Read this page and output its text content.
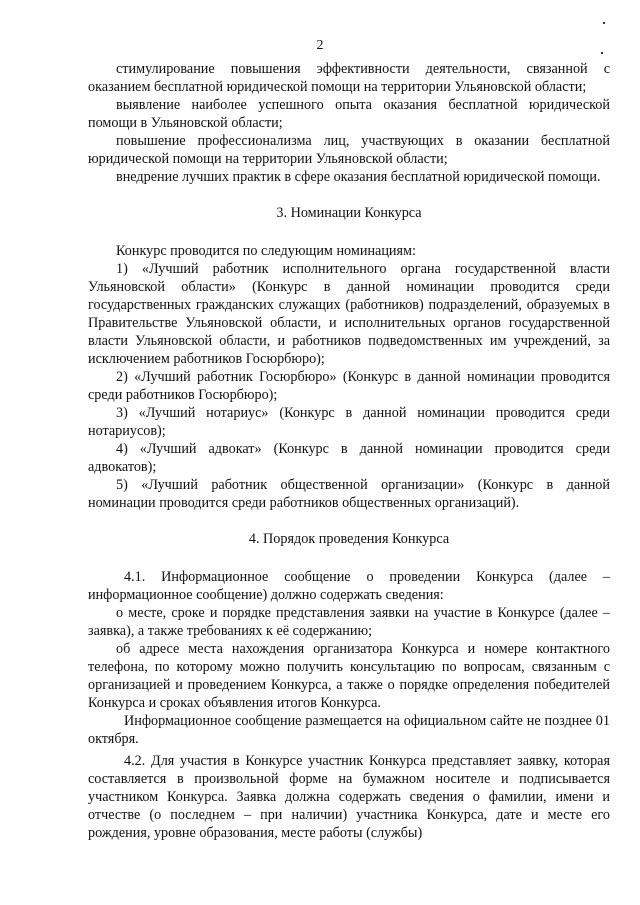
2

стимулирование повышения эффективности деятельности, связанной с оказанием бесплатной юридической помощи на территории Ульяновской области;

выявление наиболее успешного опыта оказания бесплатной юридической помощи в Ульяновской области;

повышение профессионализма лиц, участвующих в оказании бесплатной юридической помощи на территории Ульяновской области;

внедрение лучших практик в сфере оказания бесплатной юридической помощи.

3. Номинации Конкурса

Конкурс проводится по следующим номинациям:

1) «Лучший работник исполнительного органа государственной власти Ульяновской области» (Конкурс в данной номинации проводится среди государственных гражданских служащих (работников) подразделений, образуемых в Правительстве Ульяновской области, и исполнительных органов государственной власти Ульяновской области, и работников подведомственных им учреждений, за исключением работников Госюрбюро);

2) «Лучший работник Госюрбюро» (Конкурс в данной номинации проводится среди работников Госюрбюро);

3) «Лучший нотариус» (Конкурс в данной номинации проводится среди нотариусов);

4) «Лучший адвокат» (Конкурс в данной номинации проводится среди адвокатов);

5) «Лучший работник общественной организации» (Конкурс в данной номинации проводится среди работников общественных организаций).

4. Порядок проведения Конкурса

4.1. Информационное сообщение о проведении Конкурса (далее – информационное сообщение) должно содержать сведения:

о месте, сроке и порядке представления заявки на участие в Конкурсе (далее – заявка), а также требованиях к её содержанию;

об адресе места нахождения организатора Конкурса и номере контактного телефона, по которому можно получить консультацию по вопросам, связанным с организацией и проведением Конкурса, а также о порядке определения победителей Конкурса и сроках объявления итогов Конкурса.

Информационное сообщение размещается на официальном сайте не позднее 01 октября.

4.2. Для участия в Конкурсе участник Конкурса представляет заявку, которая составляется в произвольной форме на бумажном носителе и подписывается участником Конкурса. Заявка должна содержать сведения о фамилии, имени и отчестве (о последнем – при наличии) участника Конкурса, дате и месте его рождения, уровне образования, месте работы (службы)
